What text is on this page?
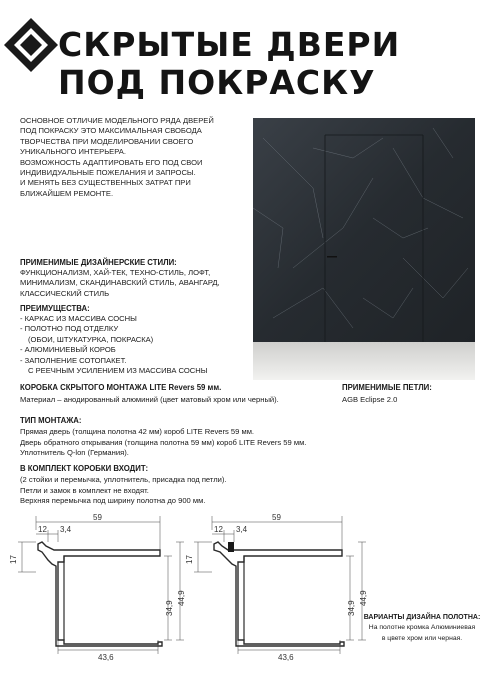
СКРЫТЫЕ ДВЕРИ
ПОД ПОКРАСКУ
ОСНОВНОЕ ОТЛИЧИЕ МОДЕЛЬНОГО РЯДА ДВЕРЕЙ
ПОД ПОКРАСКУ ЭТО МАКСИМАЛЬНАЯ СВОБОДА
ТВОРЧЕСТВА ПРИ МОДЕЛИРОВАНИИ СВОЕГО
УНИКАЛЬНОГО ИНТЕРЬЕРА.
ВОЗМОЖНОСТЬ АДАПТИРОВАТЬ ЕГО ПОД СВОИ
ИНДИВИДУАЛЬНЫЕ ПОЖЕЛАНИЯ И ЗАПРОСЫ.
И МЕНЯТЬ БЕЗ СУЩЕСТВЕННЫХ ЗАТРАТ ПРИ
БЛИЖАЙШЕМ РЕМОНТЕ.
ПРИМЕНИМЫЕ ДИЗАЙНЕРСКИЕ СТИЛИ:
ФУНКЦИОНАЛИЗМ, ХАЙ-ТЕК, ТЕХНО-СТИЛЬ, ЛОФТ,
МИНИМАЛИЗМ, СКАНДИНАВСКИЙ СТИЛЬ, АВАНГАРД,
КЛАССИЧЕСКИЙ СТИЛЬ
ПРЕИМУЩЕСТВА:
- КАРКАС ИЗ МАССИВА СОСНЫ
- ПОЛОТНО ПОД ОТДЕЛКУ
(ОБОИ, ШТУКАТУРКА, ПОКРАСКА)
- АЛЮМИНИЕВЫЙ КОРОБ
- ЗАПОЛНЕНИЕ СОТОПАКЕТ.
С РЕЕЧНЫМ УСИЛЕНИЕМ ИЗ МАССИВА СОСНЫ
КОРОБКА СКРЫТОГО МОНТАЖА LITE Revers 59 мм.
Материал – анодированный алюминий (цвет матовый хром или черный).
ПРИМЕНИМЫЕ ПЕТЛИ:
AGB Eclipse 2.0
ТИП МОНТАЖА:
Прямая дверь (толщина полотна 42 мм) короб LITE Revers 59 мм.
Дверь обратного открывания (толщина полотна 59 мм) короб LITE Revers 59 мм.
Уплотнитель Q-lon (Германия).
В КОМПЛЕКТ КОРОБКИ ВХОДИТ:
(2 стойки и перемычка, уплотнитель, присадка под петли).
Петли и замок в комплект не входят.
Верхняя перемычка под ширину полотна до 900 мм.
59
12 3,4
17
34,9
44,9
43,6
59
12 3,4
17
34,9
44,9
43,6
ВАРИАНТЫ ДИЗАЙНА ПОЛОТНА:
На полотне кромка Алюминиевая
в цвете хром или черная.
